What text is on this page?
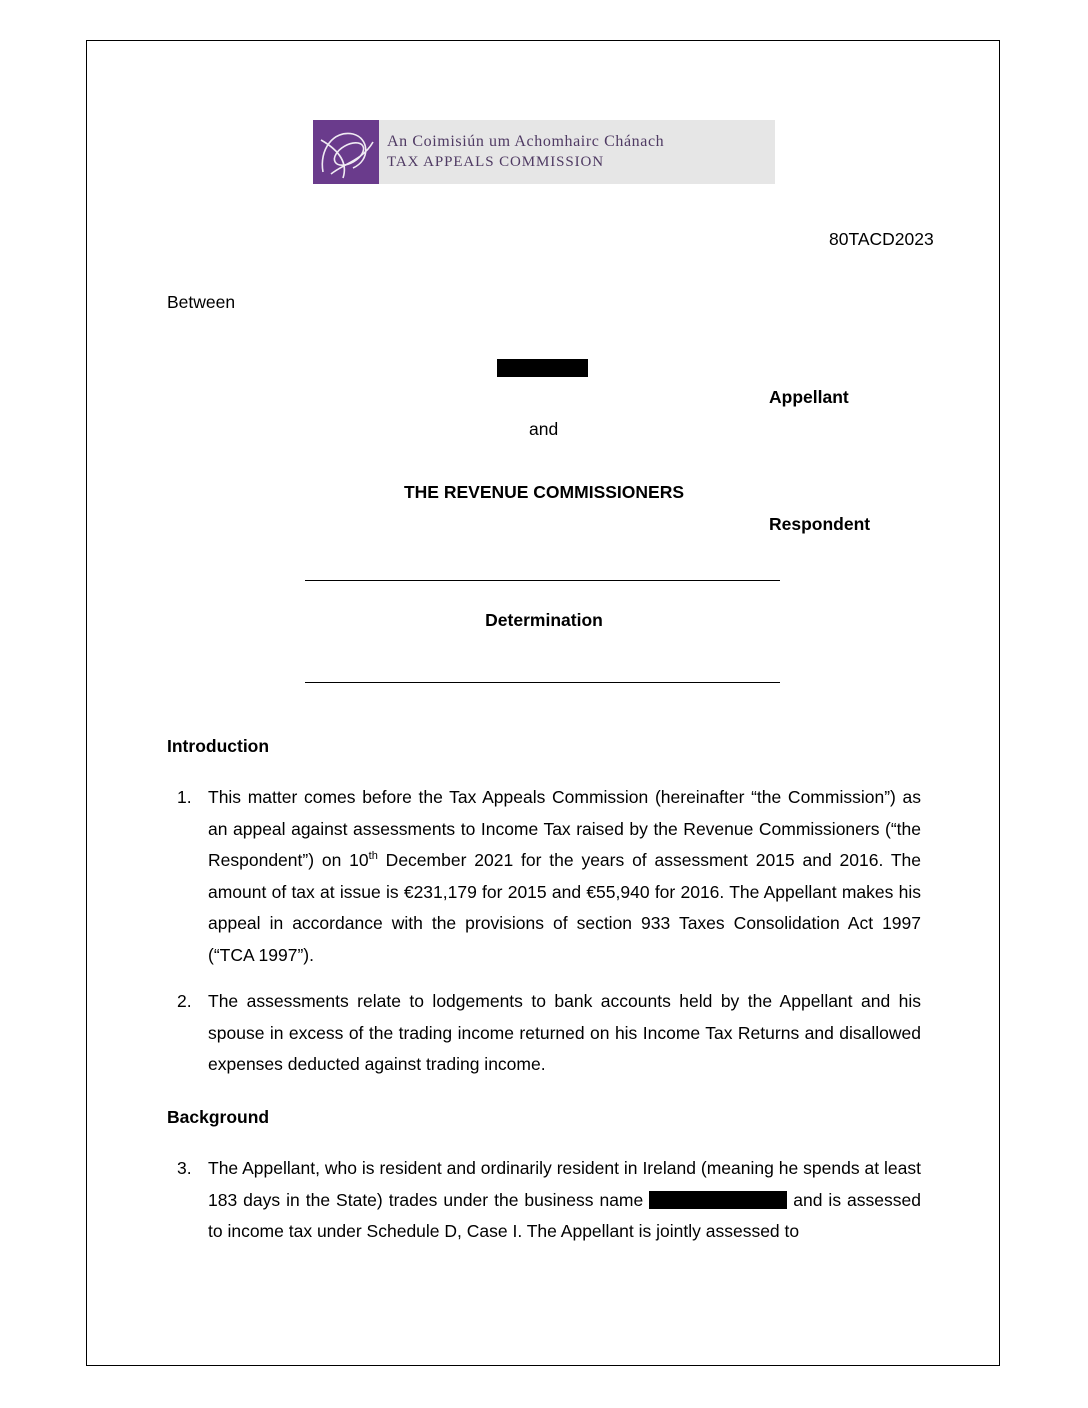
An Coimisiún um Achomhairc Chánach
TAX APPEALS COMMISSION
80TACD2023
Between
Appellant
and
THE REVENUE COMMISSIONERS
Respondent
Determination
Introduction
1. This matter comes before the Tax Appeals Commission (hereinafter “the Commission”) as an appeal against assessments to Income Tax raised by the Revenue Commissioners (“the Respondent”) on 10th December 2021 for the years of assessment 2015 and 2016. The amount of tax at issue is €231,179 for 2015 and €55,940 for 2016. The Appellant makes his appeal in accordance with the provisions of section 933 Taxes Consolidation Act 1997 (“TCA 1997”).
2. The assessments relate to lodgements to bank accounts held by the Appellant and his spouse in excess of the trading income returned on his Income Tax Returns and disallowed expenses deducted against trading income.
Background
3. The Appellant, who is resident and ordinarily resident in Ireland (meaning he spends at least 183 days in the State) trades under the business name	and is assessed to income tax under Schedule D, Case I. The Appellant is jointly assessed to
